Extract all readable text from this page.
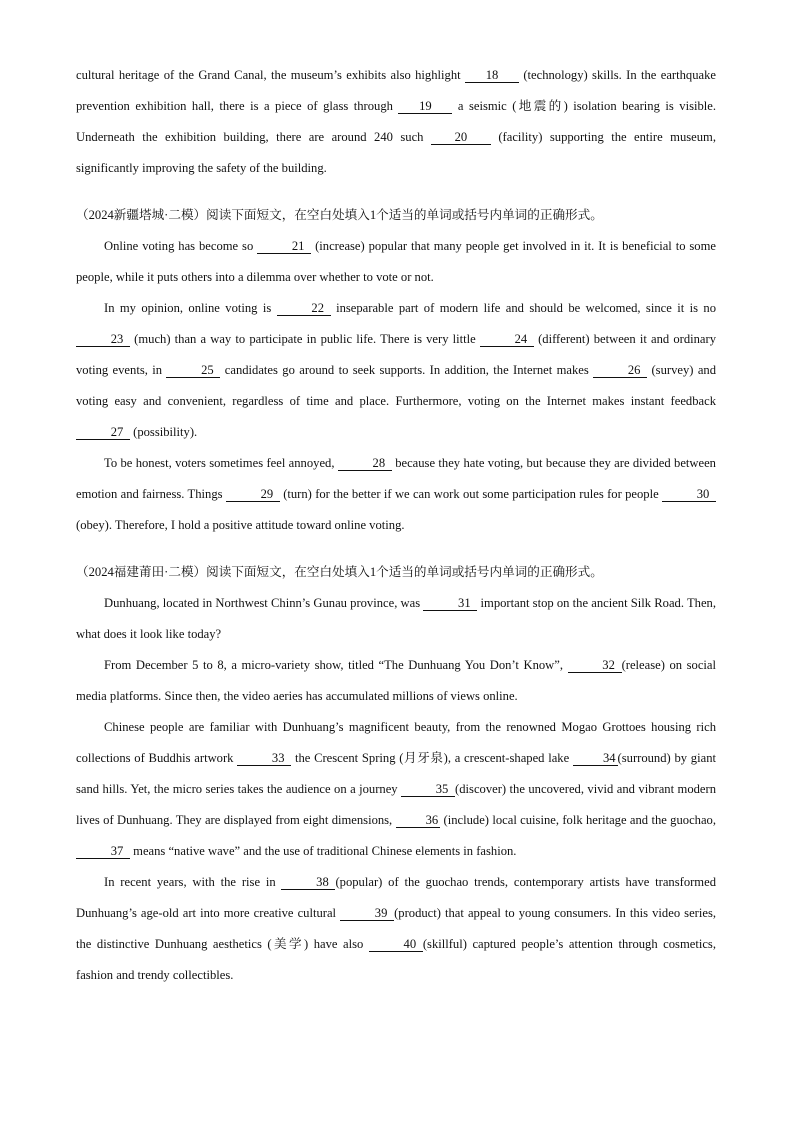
cultural heritage of the Grand Canal, the museum’s exhibits also highlight 18 (technology) skills. In the earthquake prevention exhibition hall, there is a piece of glass through 19 a seismic (地震的) isolation bearing is visible. Underneath the exhibition building, there are around 240 such 20 (facility) supporting the entire museum, significantly improving the safety of the building.

（2024新疆塔城·二模）阅读下面短文，在空白处填入1个适当的单词或括号内单词的正确形式。

Online voting has become so	21 (increase) popular that many people get involved in it. It is beneficial to some people, while it puts others into a dilemma over whether to vote or not.

In my opinion, online voting is	22 inseparable part of modern life and should be welcomed, since it is no 23 (much) than a way to participate in public life. There is very little	24 (different) between it and ordinary voting events, in	25 candidates go around to seek supports. In addition, the Internet makes	26 (survey) and voting easy and convenient, regardless of time and place. Furthermore, voting on the Internet makes instant feedback 27 (possibility).

To be honest, voters sometimes feel annoyed,	28 because they hate voting, but because they are divided between emotion and fairness. Things	29 (turn) for the better if we can work out some participation rules for people	30 (obey). Therefore, I hold a positive attitude toward online voting.

（2024福建莆田·二模）阅读下面短文，在空白处填入1个适当的单词或括号内单词的正确形式。

Dunhuang, located in Northwest Chinn’s Gunau province, was	31 important stop on the ancient Silk Road. Then, what does it look like today?

From December 5 to 8, a micro-variety show, titled “The Dunhuang You Don’t Know”,	32 (release) on social media platforms. Since then, the video aeries has accumulated millions of views online.

Chinese people are familiar with Dunhuang’s magnificent beauty, from the renowned Mogao Grottoes housing rich collections of Buddhis artwork	33 the Crescent Spring (月牙泉), a crescent-shaped lake 34 (surround) by giant sand hills. Yet, the micro series takes the audience on a journey	35 (discover) the uncovered, vivid and vibrant modern lives of Dunhuang. They are displayed from eight dimensions, 36 (include) local cuisine, folk heritage and the guochao, 37 means “native wave” and the use of traditional Chinese elements in fashion.

In recent years, with the rise in	38 (popular) of the guochao trends, contemporary artists have transformed Dunhuang’s age-old art into more creative cultural	39 (product) that appeal to young consumers. In this video series, the distinctive Dunhuang aesthetics (美学) have also	40 (skillful) captured people’s attention through cosmetics, fashion and trendy collectibles.
